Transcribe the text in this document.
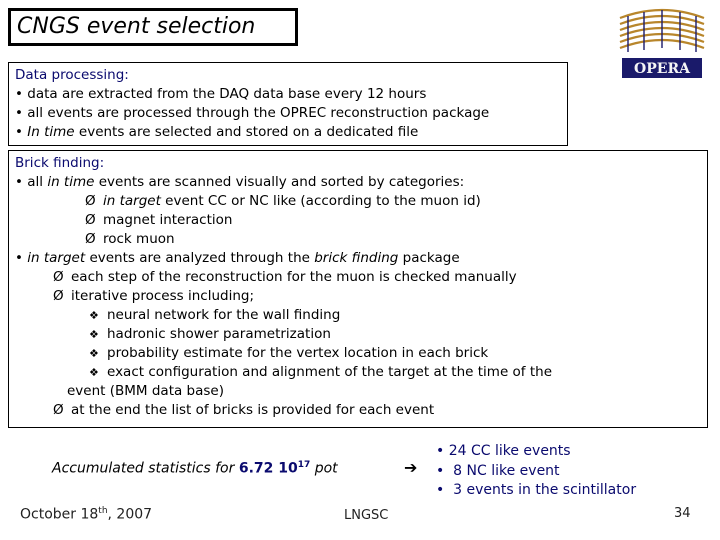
CNGS event selection
OPERA
Data processing:
• data are extracted from the DAQ data base every 12 hours
• all events are processed through the OPREC reconstruction package
• In time events are selected and stored on a dedicated file
Brick finding:
• all in time events are scanned visually and sorted by categories:
Ø in target event CC or NC like (according to the muon id)
Ø magnet interaction
Ø rock muon
• in target events are analyzed through the brick finding package
Ø each step of the reconstruction for the muon is checked manually
Ø iterative process including;
❖ neural network for the wall finding
❖ hadronic shower parametrization
❖ probability estimate for the vertex location in each brick
❖ exact configuration and alignment of the target at the time of the
event (BMM data base)
Ø at the end the list of bricks is provided for each event
Accumulated statistics for 6.72 $10^{17}$ pot	➔
• 24 CC like events
•  8 NC like event
•  3 events in the scintillator
October 18th, 2007	LNGSC	34
